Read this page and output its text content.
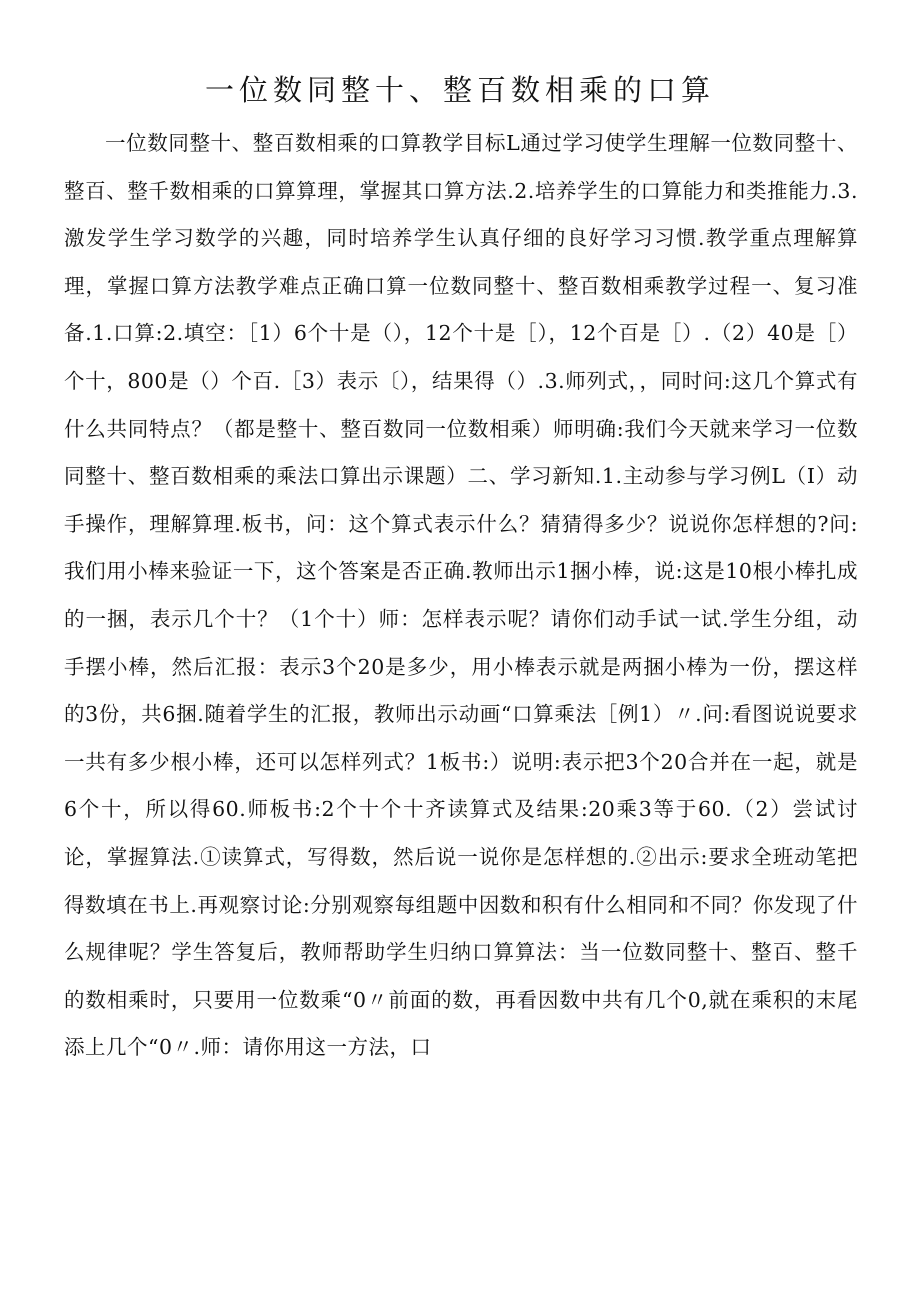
一位数同整十、整百数相乘的口算

一位数同整十、整百数相乘的口算教学目标L通过学习使学生理解一位数同整十、整百、整千数相乘的口算算理，掌握其口算方法.2.培养学生的口算能力和类推能力.3.激发学生学习数学的兴趣，同时培养学生认真仔细的良好学习习惯.教学重点理解算理，掌握口算方法教学难点正确口算一位数同整十、整百数相乘教学过程一、复习准备.1.口算:2.填空：［1）6个十是（），12个十是［），12个百是［）.（2）40是［）个十，800是（）个百.［3）表示〔），结果得（）.3.师列式，，同时问:这几个算式有什么共同特点？（都是整十、整百数同一位数相乘）师明确:我们今天就来学习一位数同整十、整百数相乘的乘法口算出示课题）二、学习新知.1.主动参与学习例L（I）动手操作，理解算理.板书，问：这个算式表示什么？猜猜得多少？说说你怎样想的?问:我们用小棒来验证一下，这个答案是否正确.教师出示1捆小棒，说:这是10根小棒扎成的一捆，表示几个十？（1个十）师：怎样表示呢？请你们动手试一试.学生分组，动手摆小棒，然后汇报：表示3个20是多少，用小棒表示就是两捆小棒为一份，摆这样的3份，共6捆.随着学生的汇报，教师出示动画“口算乘法［例1）〃.问:看图说说要求一共有多少根小棒，还可以怎样列式？1板书:）说明:表示把3个20合并在一起，就是6个十，所以得60.师板书:2个十个十齐读算式及结果:20乘3等于60.（2）尝试讨论，掌握算法.①读算式，写得数，然后说一说你是怎样想的.②出示:要求全班动笔把得数填在书上.再观察讨论:分别观察每组题中因数和积有什么相同和不同？你发现了什么规律呢？学生答复后，教师帮助学生归纳口算算法：当一位数同整十、整百、整千的数相乘时，只要用一位数乘“0〃前面的数，再看因数中共有几个0,就在乘积的末尾添上几个“0〃.师：请你用这一方法，口
